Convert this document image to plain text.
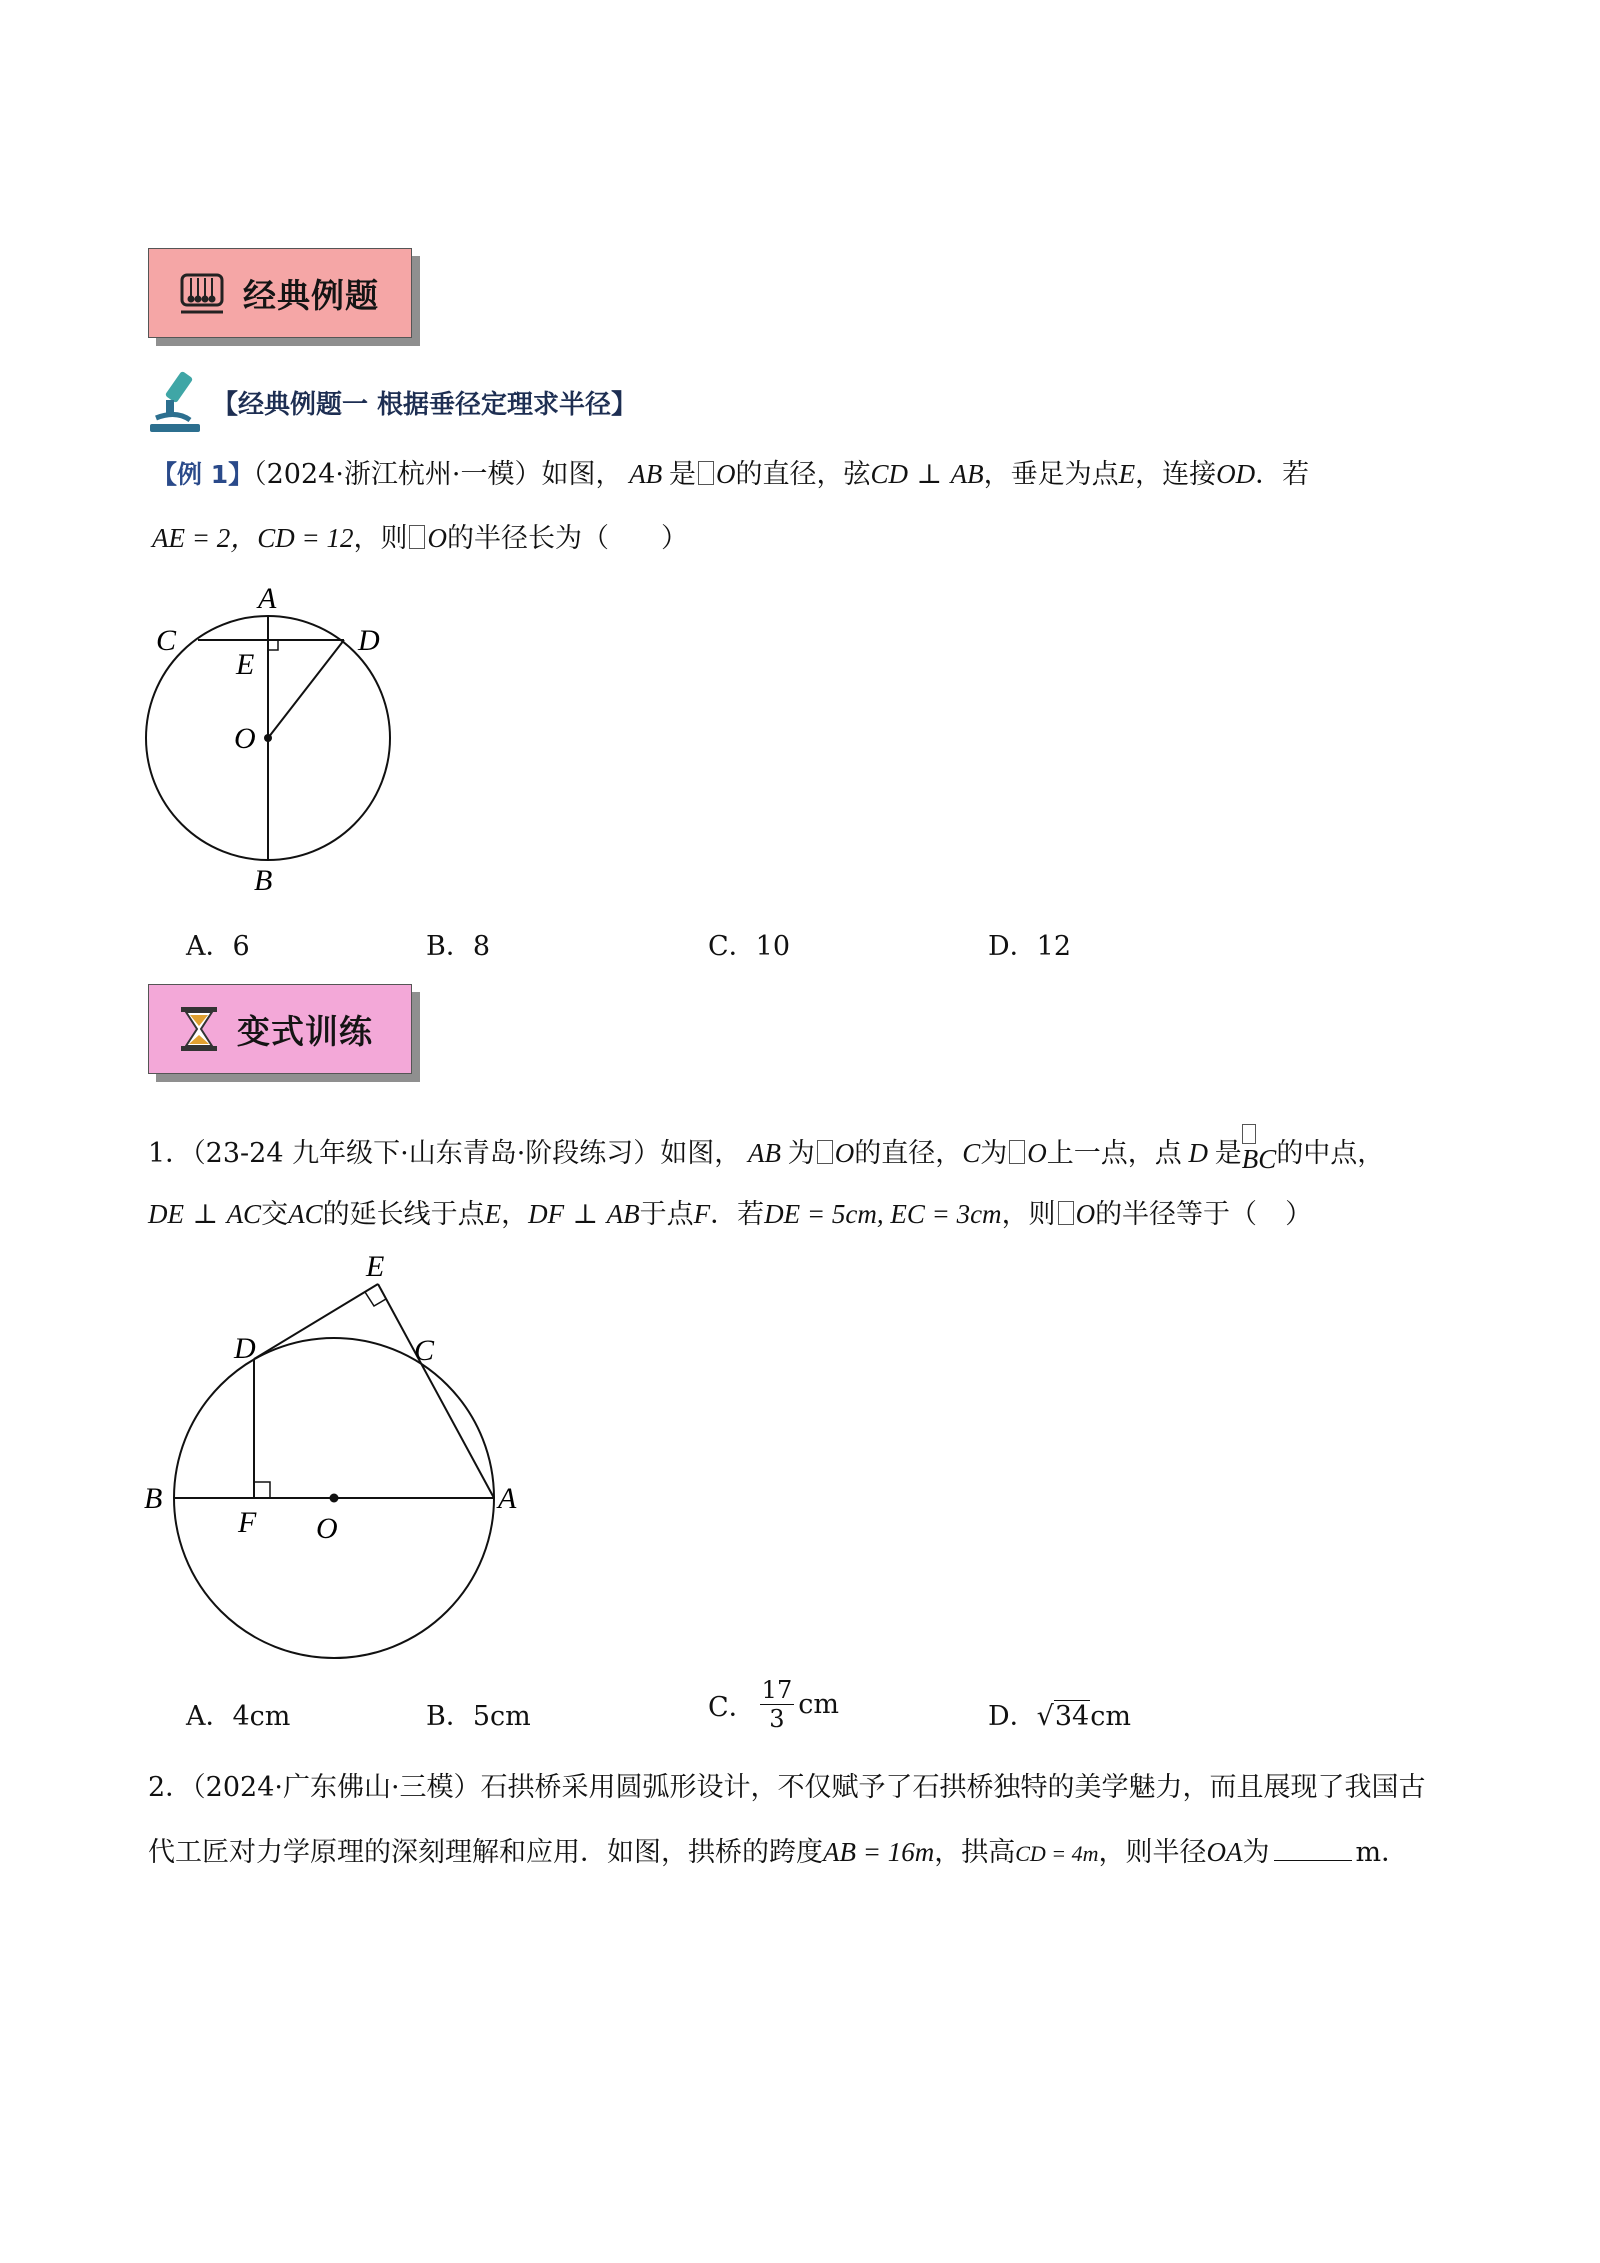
经典例题
【经典例题一 根据垂径定理求半径】
【例 1】（2024·浙江杭州·一模）如图， AB 是 O的直径，弦CD ⊥ AB，垂足为点E，连接OD．若
AE = 2，CD = 12，则 O的半径长为（ ）
A
B
C	D
E
O
A．6	B．8	C．10	D．12
变式训练
1．（23-24 九年级下·山东青岛·阶段练习）如图， AB 为 O的直径，C为 O上一点，点 D 是BC的中点，
DE ⊥ AC交AC的延长线于点E，DF ⊥ AB于点F．若DE = 5cm, EC = 3cm，则 O的半径等于（ ）
E
D	C
B
F O
A
A．4cm	B．5cm	C． $\frac{17}{3}$ cm	D．√34cm
2．（2024·广东佛山·三模）石拱桥采用圆弧形设计，不仅赋予了石拱桥独特的美学魅力，而且展现了我国古
代工匠对力学原理的深刻理解和应用．如图，拱桥的跨度AB = 16m，拱高CD = 4m，则半径OA为	m．
